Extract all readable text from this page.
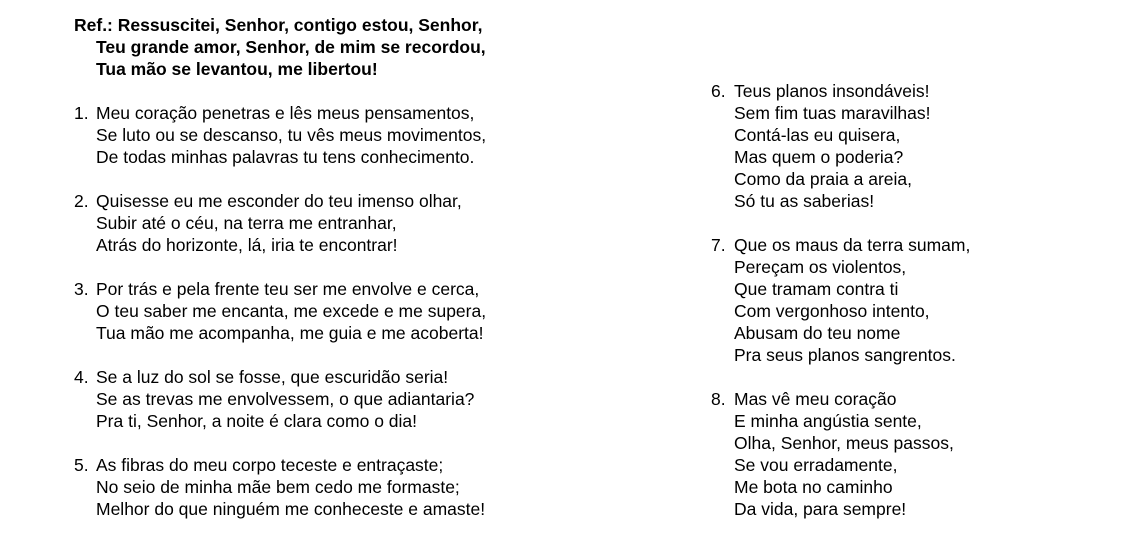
Ref.: Ressuscitei, Senhor, contigo estou, Senhor,
Teu grande amor, Senhor, de mim se recordou,
Tua mão se levantou, me libertou!
1. Meu coração penetras e lês meus pensamentos,
Se luto ou se descanso, tu vês meus movimentos,
De todas minhas palavras tu tens conhecimento.
2. Quisesse eu me esconder do teu imenso olhar,
Subir até o céu, na terra me entranhar,
Atrás do horizonte, lá, iria te encontrar!
3. Por trás e pela frente teu ser me envolve e cerca,
O teu saber me encanta, me excede e me supera,
Tua mão me acompanha, me guia e me acoberta!
4. Se a luz do sol se fosse, que escuridão seria!
Se as trevas me envolvessem, o que adiantaria?
Pra ti, Senhor, a noite é clara como o dia!
5. As fibras do meu corpo teceste e entraçaste;
No seio de minha mãe bem cedo me formaste;
Melhor do que ninguém me conheceste e amaste!
6. Teus planos insondáveis!
Sem fim tuas maravilhas!
Contá-las eu quisera,
Mas quem o poderia?
Como da praia a areia,
Só tu as saberias!
7. Que os maus da terra sumam,
Pereçam os violentos,
Que tramam contra ti
Com vergonhoso intento,
Abusam do teu nome
Pra seus planos sangrentos.
8. Mas vê meu coração
E minha angústia sente,
Olha, Senhor, meus passos,
Se vou erradamente,
Me bota no caminho
Da vida, para sempre!
